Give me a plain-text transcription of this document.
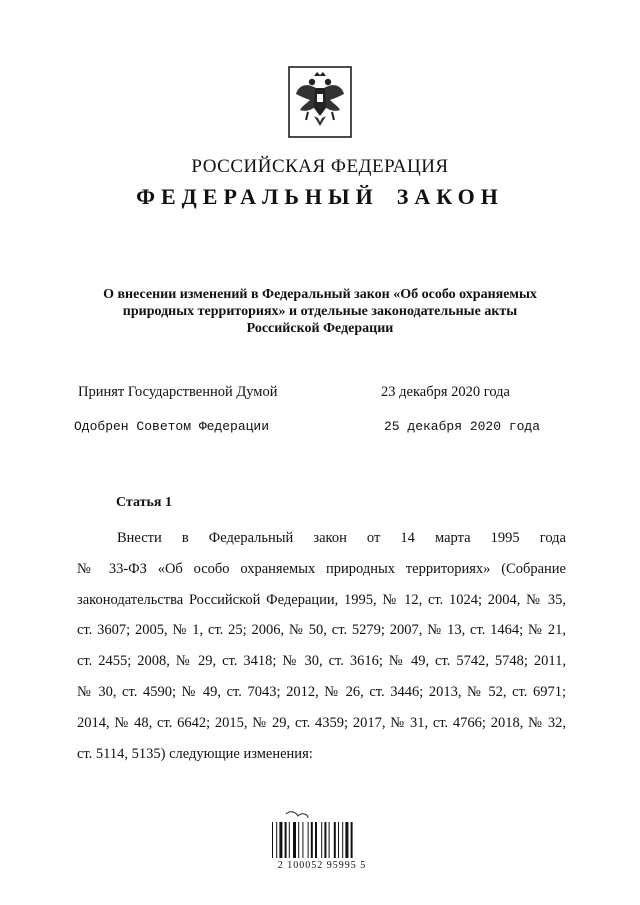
РОССИЙСКАЯ ФЕДЕРАЦИЯ
ФЕДЕРАЛЬНЫЙ ЗАКОН
О внесении изменений в Федеральный закон «Об особо охраняемых
природных территориях» и отдельные законодательные акты
Российской Федерации
Принят Государственной Думой	23 декабря 2020 года
Одобрен Советом Федерации	25 декабря 2020 года
Статья 1
Внести в Федеральный закон от 14 марта 1995 года
№ 33-ФЗ «Об особо охраняемых природных территориях» (Собрание
законодательства Российской Федерации, 1995, № 12, ст. 1024; 2004, № 35,
ст. 3607; 2005, № 1, ст. 25; 2006, № 50, ст. 5279; 2007, № 13, ст. 1464; № 21,
ст. 2455; 2008, № 29, ст. 3418; № 30, ст. 3616; № 49, ст. 5742, 5748; 2011,
№ 30, ст. 4590; № 49, ст. 7043; 2012, № 26, ст. 3446; 2013, № 52, ст. 6971;
2014, № 48, ст. 6642; 2015, № 29, ст. 4359; 2017, № 31, ст. 4766; 2018, № 32,
ст. 5114, 5135) следующие изменения:
2 100052 95995 5
